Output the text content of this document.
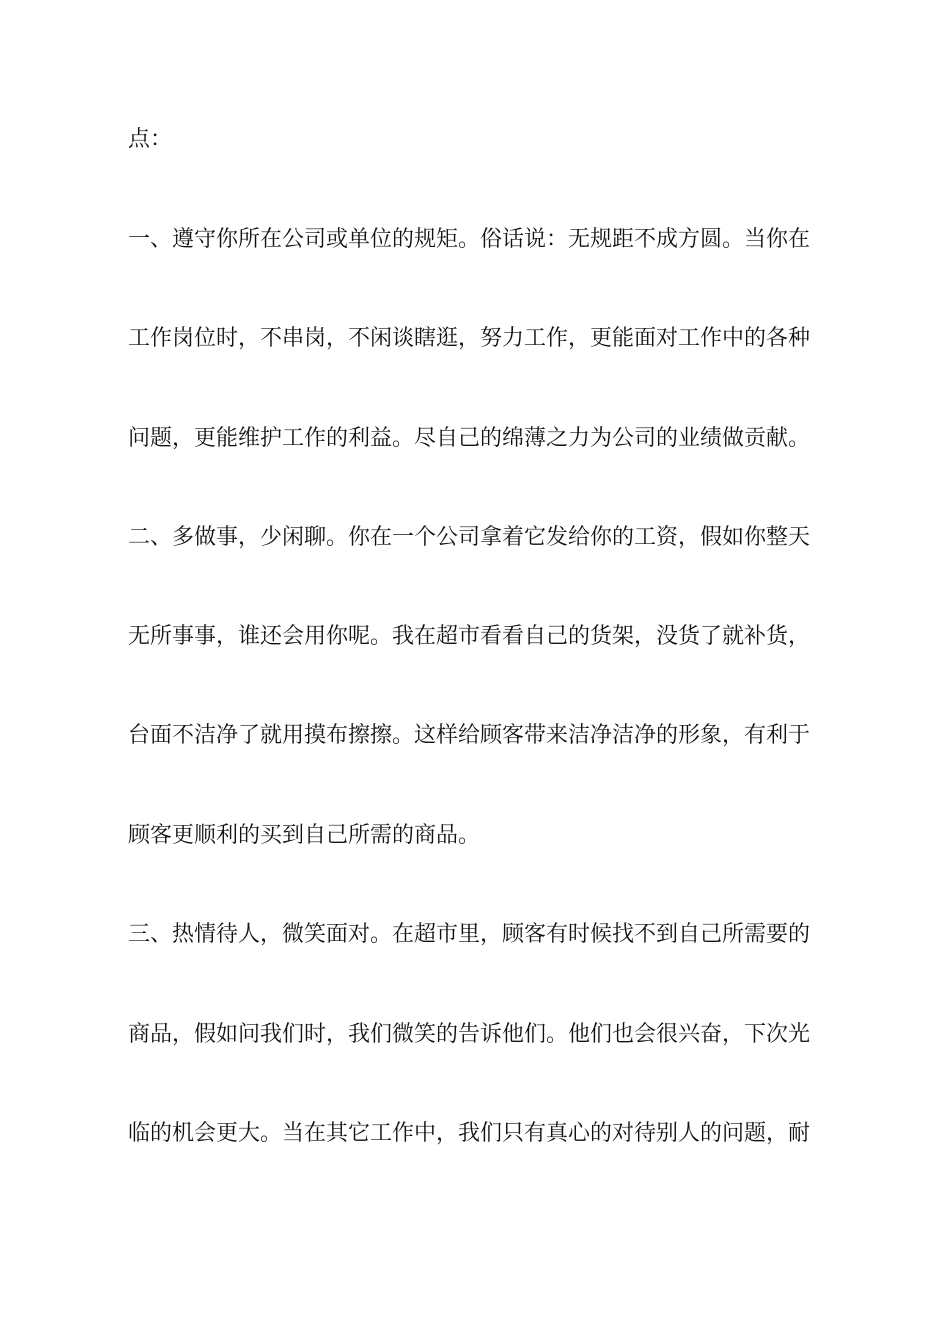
点：

一、遵守你所在公司或单位的规矩。俗话说：无规距不成方圆。当你在

工作岗位时，不串岗，不闲谈瞎逛，努力工作，更能面对工作中的各种

问题，更能维护工作的利益。尽自己的绵薄之力为公司的业绩做贡献。

二、多做事，少闲聊。你在一个公司拿着它发给你的工资，假如你整天

无所事事，谁还会用你呢。我在超市看看自己的货架，没货了就补货，

台面不洁净了就用摸布擦擦。这样给顾客带来洁净洁净的形象，有利于

顾客更顺利的买到自己所需的商品。

三、热情待人，微笑面对。在超市里，顾客有时候找不到自己所需要的

商品，假如问我们时，我们微笑的告诉他们。他们也会很兴奋，下次光

临的机会更大。当在其它工作中，我们只有真心的对待别人的问题，耐
